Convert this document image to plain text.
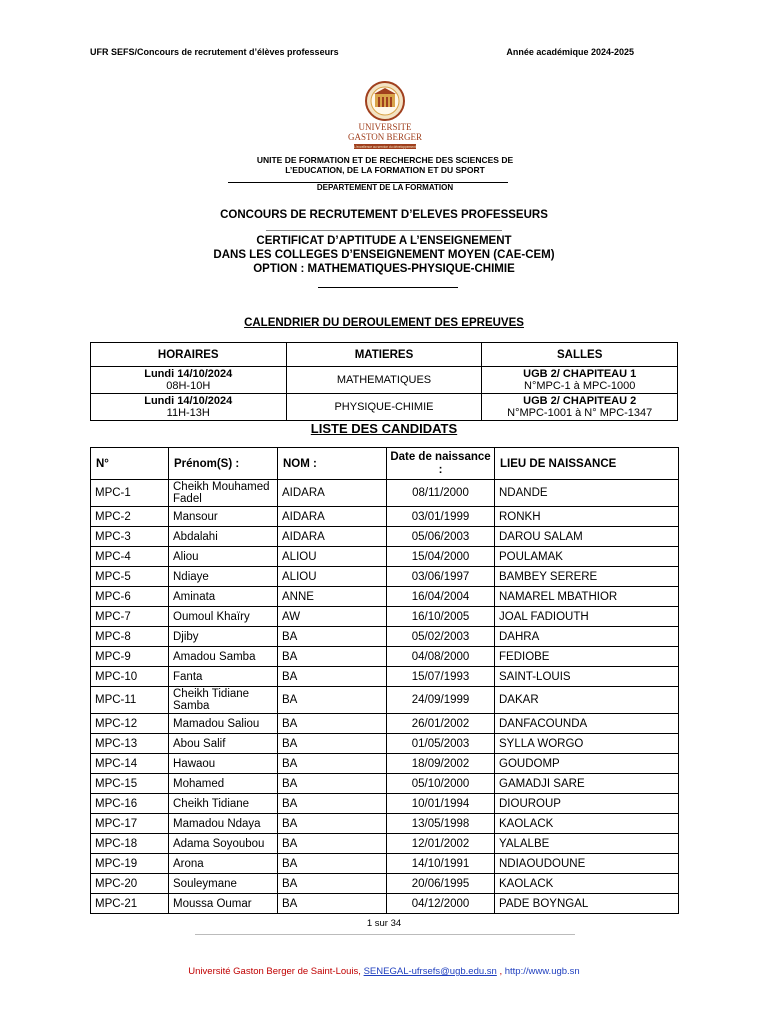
UFR SEFS/Concours de recrutement d’élèves professeurs	Année académique 2024-2025
UNIVERSITE
GASTON BERGER
L'excellence au service du développement
UNITE DE FORMATION ET DE RECHERCHE DES SCIENCES DE
L’EDUCATION, DE LA FORMATION ET DU SPORT
DEPARTEMENT DE LA FORMATION
CONCOURS DE RECRUTEMENT D’ELEVES PROFESSEURS
CERTIFICAT D’APTITUDE A L’ENSEIGNEMENT
DANS LES COLLEGES D’ENSEIGNEMENT MOYEN (CAE-CEM)
OPTION : MATHEMATIQUES-PHYSIQUE-CHIMIE
CALENDRIER DU DEROULEMENT DES EPREUVES
HORAIRES	MATIERES	SALLES
Lundi 14/10/2024
08H-10H	MATHEMATIQUES	UGB 2/ CHAPITEAU 1
N°MPC-1 à MPC-1000
Lundi 14/10/2024
11H-13H	PHYSIQUE-CHIMIE	UGB 2/ CHAPITEAU 2
N°MPC-1001 à N° MPC-1347
LISTE DES CANDIDATS
N°	Prénom(S) :	NOM :	Date de naissance :	LIEU DE NAISSANCE
MPC-1	Cheikh Mouhamed Fadel	AIDARA	08/11/2000	NDANDE
MPC-2	Mansour	AIDARA	03/01/1999	RONKH
MPC-3	Abdalahi	AIDARA	05/06/2003	DAROU SALAM
MPC-4	Aliou	ALIOU	15/04/2000	POULAMAK
MPC-5	Ndiaye	ALIOU	03/06/1997	BAMBEY SERERE
MPC-6	Aminata	ANNE	16/04/2004	NAMAREL MBATHIOR
MPC-7	Oumoul Khaïry	AW	16/10/2005	JOAL FADIOUTH
MPC-8	Djiby	BA	05/02/2003	DAHRA
MPC-9	Amadou Samba	BA	04/08/2000	FEDIOBE
MPC-10	Fanta	BA	15/07/1993	SAINT-LOUIS
MPC-11	Cheikh Tidiane Samba	BA	24/09/1999	DAKAR
MPC-12	Mamadou Saliou	BA	26/01/2002	DANFACOUNDA
MPC-13	Abou Salif	BA	01/05/2003	SYLLA WORGO
MPC-14	Hawaou	BA	18/09/2002	GOUDOMP
MPC-15	Mohamed	BA	05/10/2000	GAMADJI SARE
MPC-16	Cheikh Tidiane	BA	10/01/1994	DIOUROUP
MPC-17	Mamadou Ndaya	BA	13/05/1998	KAOLACK
MPC-18	Adama Soyoubou	BA	12/01/2002	YALALBE
MPC-19	Arona	BA	14/10/1991	NDIAOUDOUNE
MPC-20	Souleymane	BA	20/06/1995	KAOLACK
MPC-21	Moussa Oumar	BA	04/12/2000	PADE BOYNGAL
1 sur 34
Université Gaston Berger de Saint-Louis, SENEGAL-ufrsefs@ugb.edu.sn , http://www.ugb.sn
